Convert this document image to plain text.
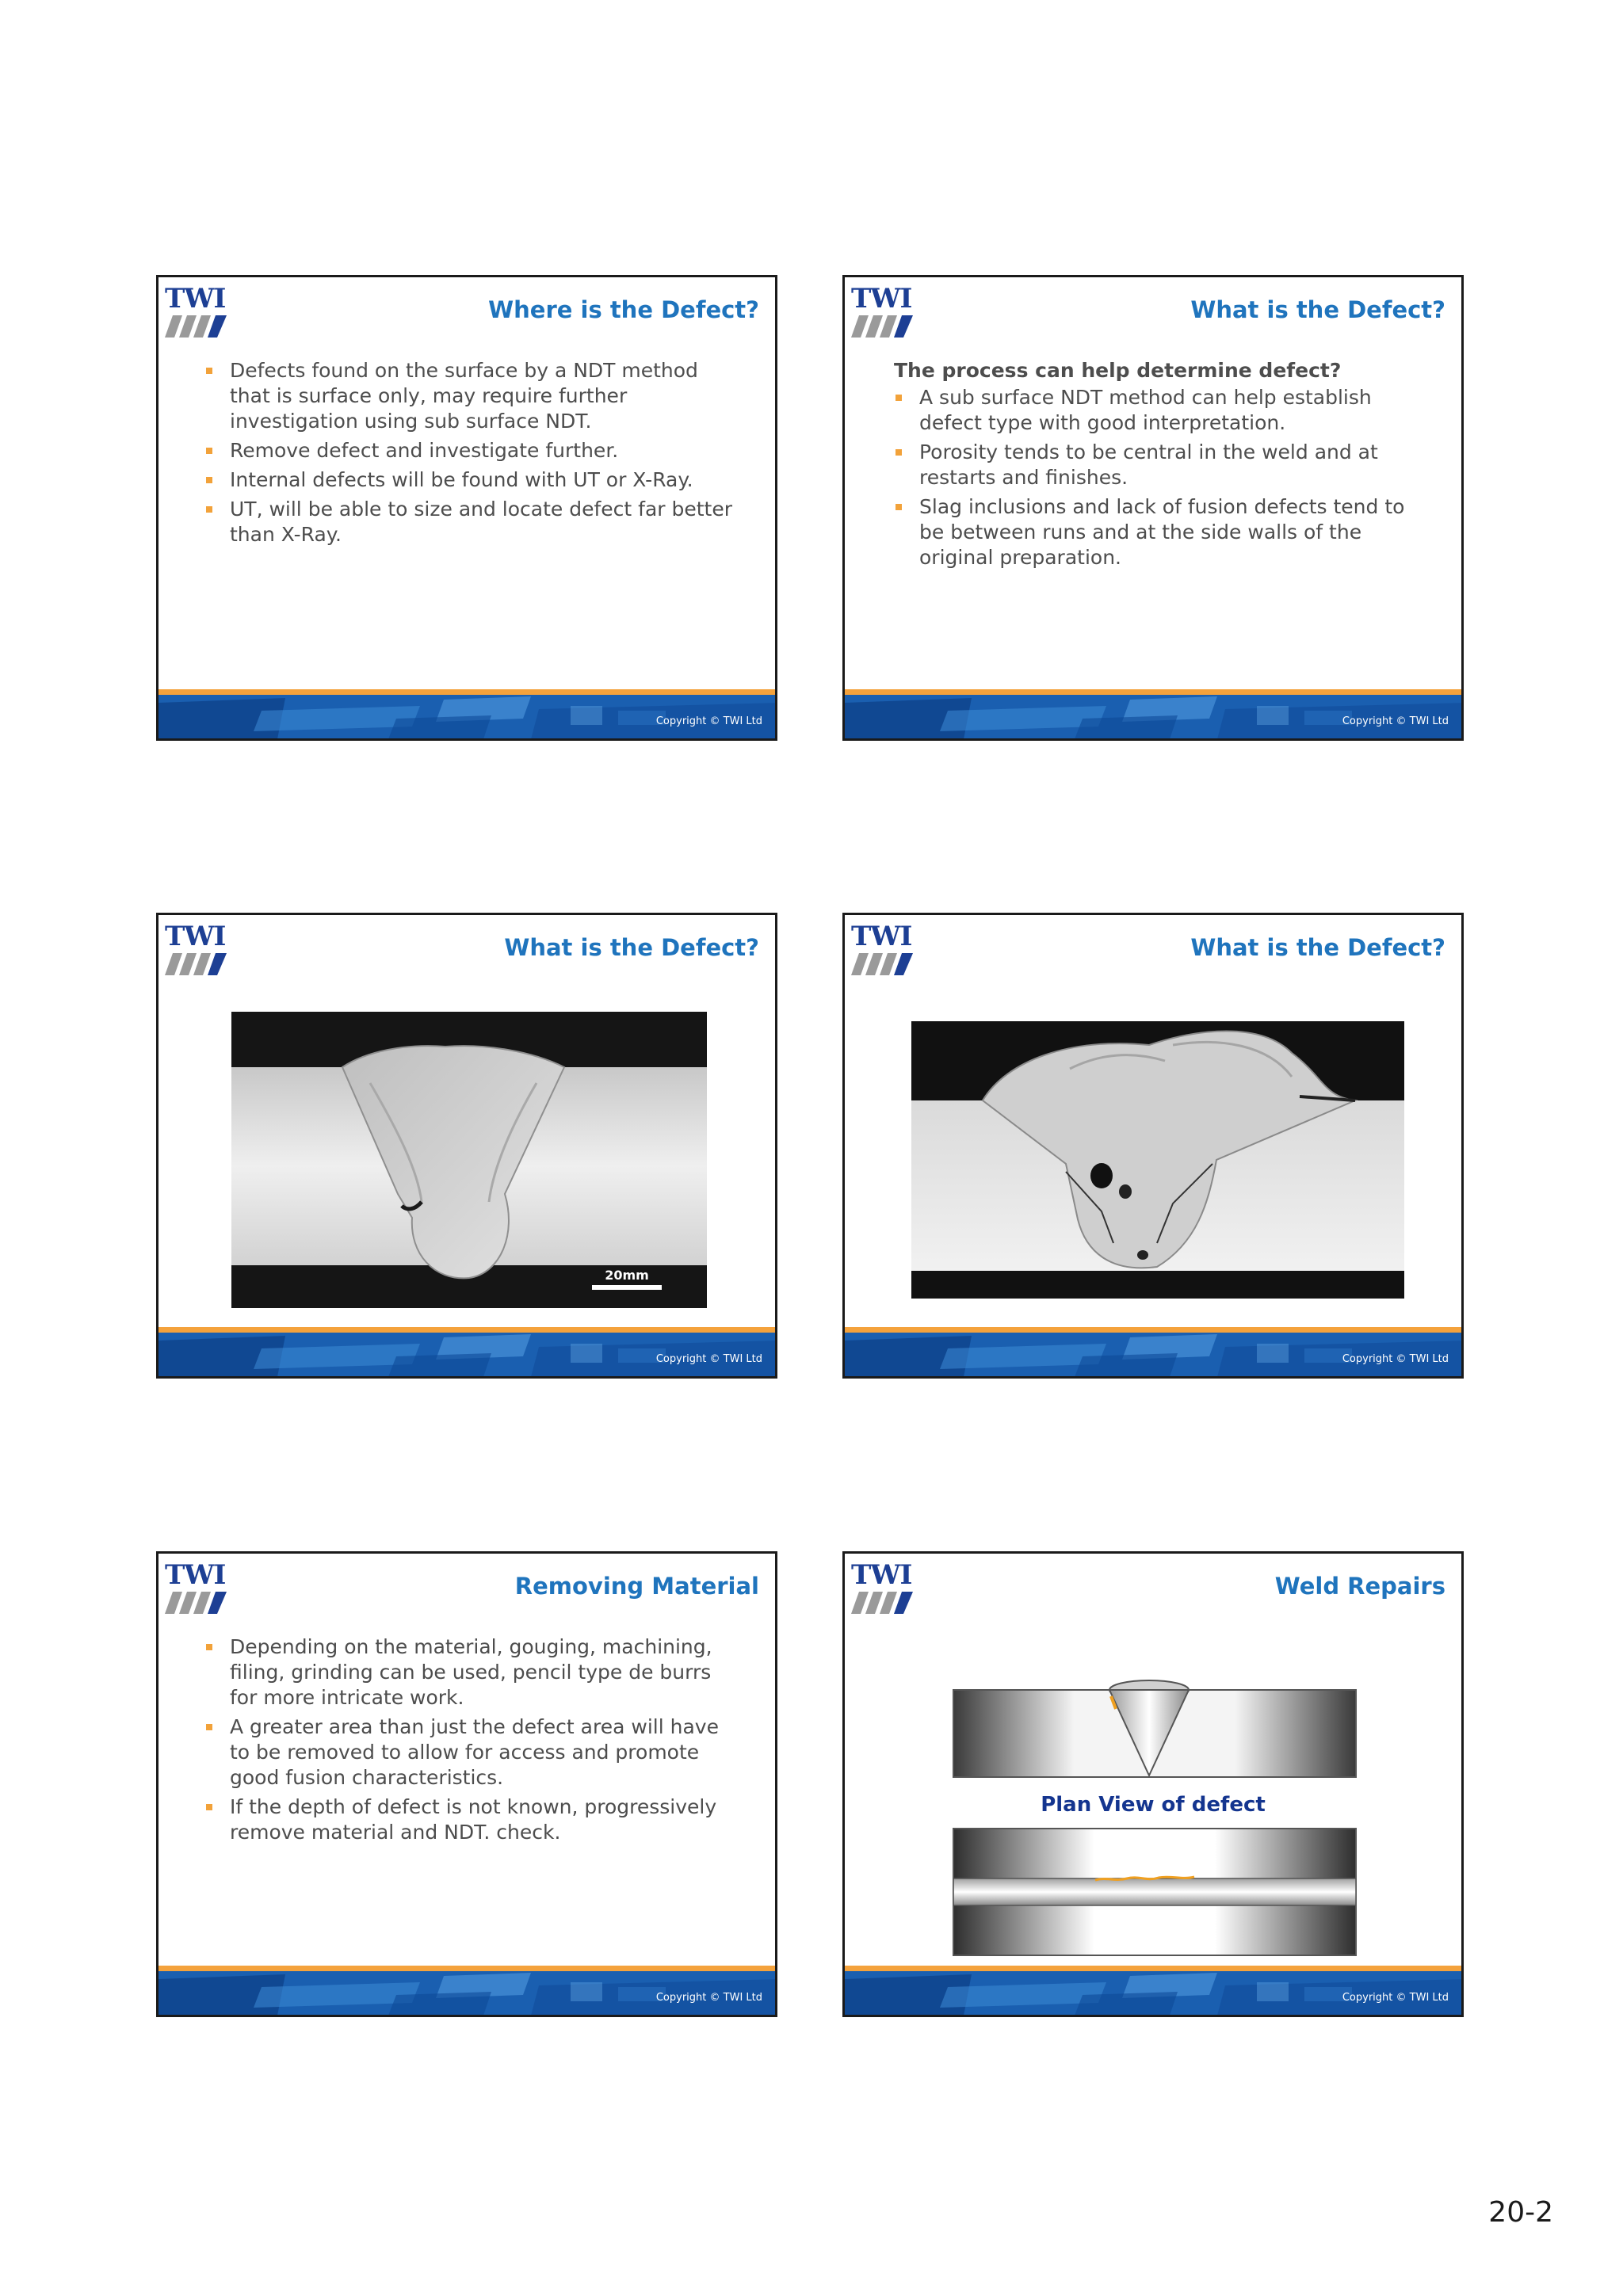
TWI	Where is the Defect?
Defects found on the surface by a NDT method that is surface only, may require further investigation using sub surface NDT.
Remove defect and investigate further.
Internal defects will be found with UT or X-Ray.
UT, will be able to size and locate defect far better than X-Ray.
Copyright © TWI Ltd
TWI	What is the Defect?
The process can help determine defect?
A sub surface NDT method can help establish defect type with good interpretation.
Porosity tends to be central in the weld and at restarts and finishes.
Slag inclusions and lack of fusion defects tend to be between runs and at the side walls of the original preparation.
Copyright © TWI Ltd
TWI	What is the Defect?
20mm
Copyright © TWI Ltd
TWI	What is the Defect?
Copyright © TWI Ltd
TWI	Removing Material
Depending on the material, gouging, machining, filing, grinding can be used, pencil type de burrs for more intricate work.
A greater area than just the defect area will have to be removed to allow for access and promote good fusion characteristics.
If the depth of defect is not known, progressively remove material and NDT. check.
Copyright © TWI Ltd
TWI	Weld Repairs
Plan View of defect
Copyright © TWI Ltd
20-2
